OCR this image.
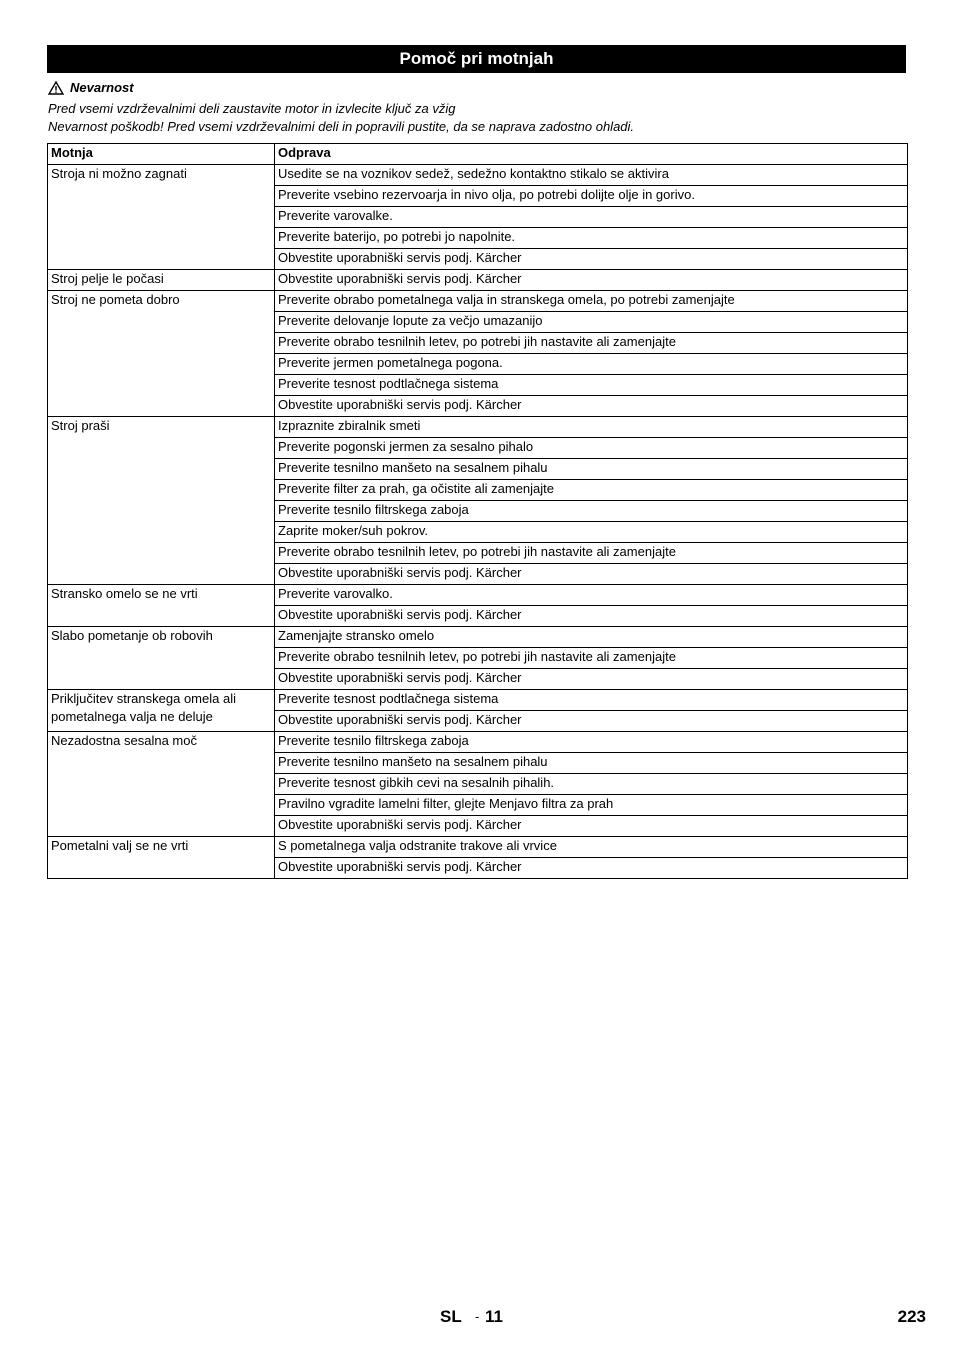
Pomoč pri motnjah
Nevarnost
Pred vsemi vzdrževalnimi deli zaustavite motor in izvlecite ključ za vžig
Nevarnost poškodb! Pred vsemi vzdrževalnimi deli in popravili pustite, da se naprava zadostno ohladi.
Motnja	Odprava
Stroja ni možno zagnati	Usedite se na voznikov sedež, sedežno kontaktno stikalo se aktivira
	Preverite vsebino rezervoarja in nivo olja, po potrebi dolijte olje in gorivo.
	Preverite varovalke.
	Preverite baterijo, po potrebi jo napolnite.
	Obvestite uporabniški servis podj. Kärcher
Stroj pelje le počasi	Obvestite uporabniški servis podj. Kärcher
Stroj ne pometa dobro	Preverite obrabo pometalnega valja in stranskega omela, po potrebi zamenjajte
	Preverite delovanje lopute za večjo umazanijo
	Preverite obrabo tesnilnih letev, po potrebi jih nastavite ali zamenjajte
	Preverite jermen pometalnega pogona.
	Preverite tesnost podtlačnega sistema
	Obvestite uporabniški servis podj. Kärcher
Stroj praši	Izpraznite zbiralnik smeti
	Preverite pogonski jermen za sesalno pihalo
	Preverite tesnilno manšeto na sesalnem pihalu
	Preverite filter za prah, ga očistite ali zamenjajte
	Preverite tesnilo filtrskega zaboja
	Zaprite moker/suh pokrov.
	Preverite obrabo tesnilnih letev, po potrebi jih nastavite ali zamenjajte
	Obvestite uporabniški servis podj. Kärcher
Stransko omelo se ne vrti	Preverite varovalko.
	Obvestite uporabniški servis podj. Kärcher
Slabo pometanje ob robovih	Zamenjajte stransko omelo
	Preverite obrabo tesnilnih letev, po potrebi jih nastavite ali zamenjajte
	Obvestite uporabniški servis podj. Kärcher
Priključitev stranskega omela ali pometalnega valja ne deluje	Preverite tesnost podtlačnega sistema
	Obvestite uporabniški servis podj. Kärcher
Nezadostna sesalna moč	Preverite tesnilo filtrskega zaboja
	Preverite tesnilno manšeto na sesalnem pihalu
	Preverite tesnost gibkih cevi na sesalnih pihalih.
	Pravilno vgradite lamelni filter, glejte Menjavo filtra za prah
	Obvestite uporabniški servis podj. Kärcher
Pometalni valj se ne vrti	S pometalnega valja odstranite trakove ali vrvice
	Obvestite uporabniški servis podj. Kärcher
SL - 11	223
